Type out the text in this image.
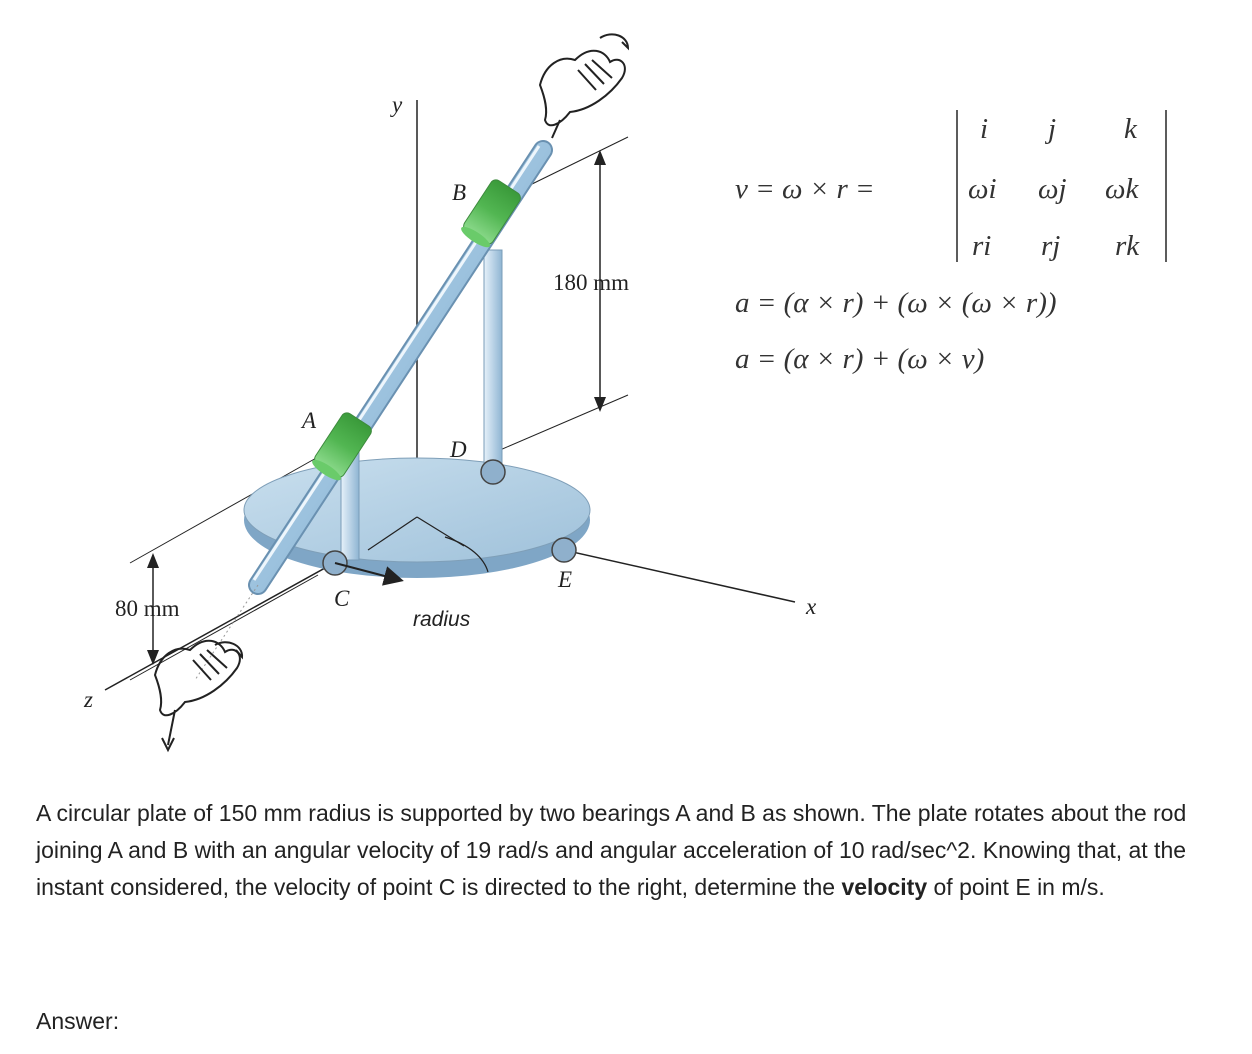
y
z
x
A
B
C
D
E
80 mm
180 mm
radius
v = ω × r =
i j k
ωi ωj ωk
ri rj rk
a = (α × r) + (ω × (ω × r))
a = (α × r) + (ω × v)
A circular plate of 150 mm radius is supported by two bearings A and B as shown. The plate rotates about the rod joining A and B with an angular velocity of 19 rad/s and angular acceleration of 10 rad/sec^2. Knowing that, at the instant considered, the velocity of point C is directed to the right, determine the velocity of point E in m/s.
Answer:
